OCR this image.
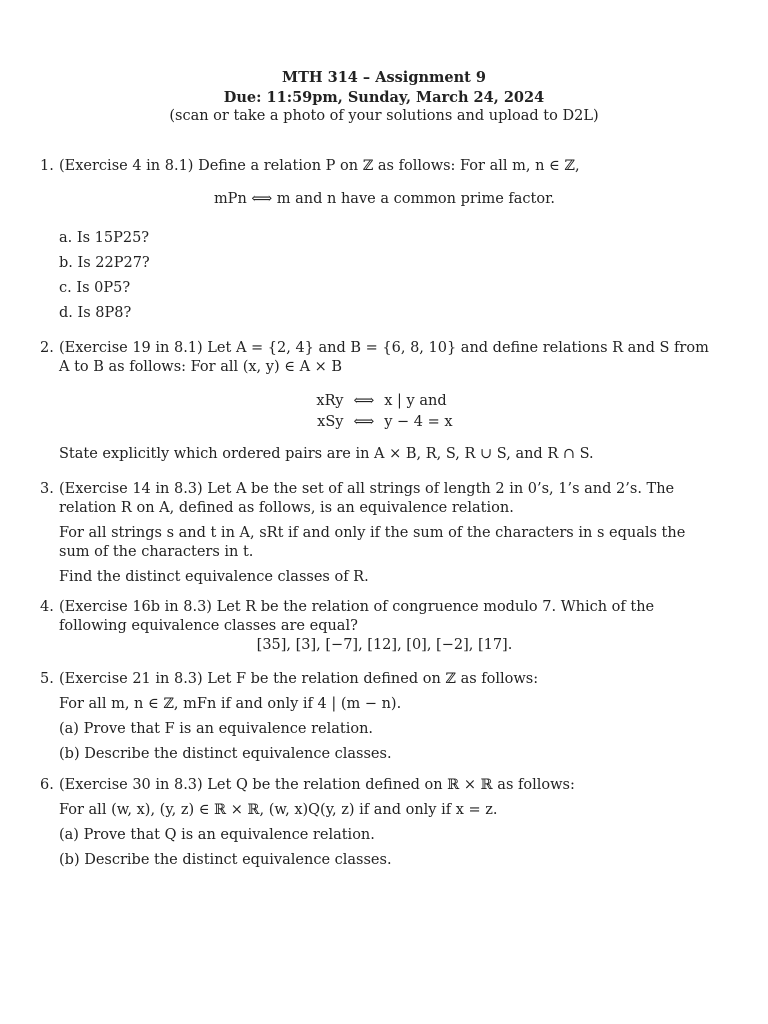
MTH 314 – Assignment 9
Due: 11:59pm, Sunday, March 24, 2024
(scan or take a photo of your solutions and upload to D2L)
1. (Exercise 4 in 8.1) Define a relation P on ℤ as follows: For all m, n ∈ ℤ,

mPn ⟺ m and n have a common prime factor.

a. Is 15P25?

b. Is 22P27?

c. Is 0P5?

d. Is 8P8?

2. (Exercise 19 in 8.1) Let A = {2, 4} and B = {6, 8, 10} and define relations R and S from A to B as follows: For all (x, y) ∈ A × B

xRy	⟺	x | y and
xSy	⟺	y − 4 = x

State explicitly which ordered pairs are in A × B, R, S, R ∪ S, and R ∩ S.

3. (Exercise 14 in 8.3) Let A be the set of all strings of length 2 in 0’s, 1’s and 2’s. The relation R on A, defined as follows, is an equivalence relation.

For all strings s and t in A, sRt if and only if the sum of the characters in s equals the sum of the characters in t.

Find the distinct equivalence classes of R.

4. (Exercise 16b in 8.3) Let R be the relation of congruence modulo 7. Which of the following equivalence classes are equal?

[35], [3], [−7], [12], [0], [−2], [17].

5. (Exercise 21 in 8.3) Let F be the relation defined on ℤ as follows:

For all m, n ∈ ℤ, mFn if and only if 4 | (m − n).

(a) Prove that F is an equivalence relation.

(b) Describe the distinct equivalence classes.

6. (Exercise 30 in 8.3) Let Q be the relation defined on ℝ × ℝ as follows:

For all (w, x), (y, z) ∈ ℝ × ℝ, (w, x)Q(y, z) if and only if x = z.

(a) Prove that Q is an equivalence relation.

(b) Describe the distinct equivalence classes.
